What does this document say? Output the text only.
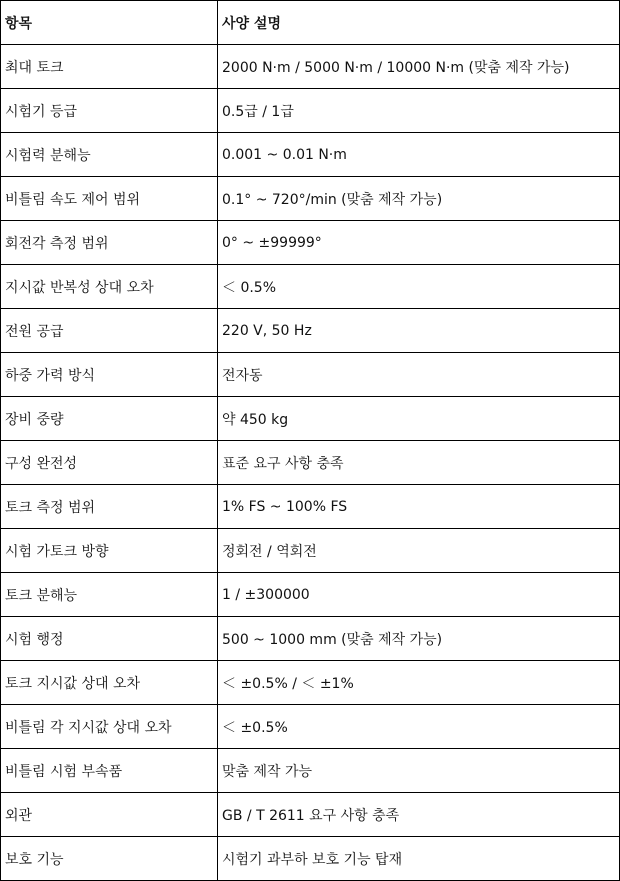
항목	사양 설명
최대 토크	2000 N·m / 5000 N·m / 10000 N·m (맞춤 제작 가능)
시험기 등급	0.5급 / 1급
시험력 분해능	0.001 ~ 0.01 N·m
비틀림 속도 제어 범위	0.1° ~ 720°/min (맞춤 제작 가능)
회전각 측정 범위	0° ~ ±99999°
지시값 반복성 상대 오차	＜ 0.5%
전원 공급	220 V, 50 Hz
하중 가력 방식	전자동
장비 중량	약 450 kg
구성 완전성	표준 요구 사항 충족
토크 측정 범위	1% FS ~ 100% FS
시험 가토크 방향	정회전 / 역회전
토크 분해능	1 / ±300000
시험 행정	500 ~ 1000 mm (맞춤 제작 가능)
토크 지시값 상대 오차	＜ ±0.5% / ＜ ±1%
비틀림 각 지시값 상대 오차	＜ ±0.5%
비틀림 시험 부속품	맞춤 제작 가능
외관	GB / T 2611 요구 사항 충족
보호 기능	시험기 과부하 보호 기능 탑재
